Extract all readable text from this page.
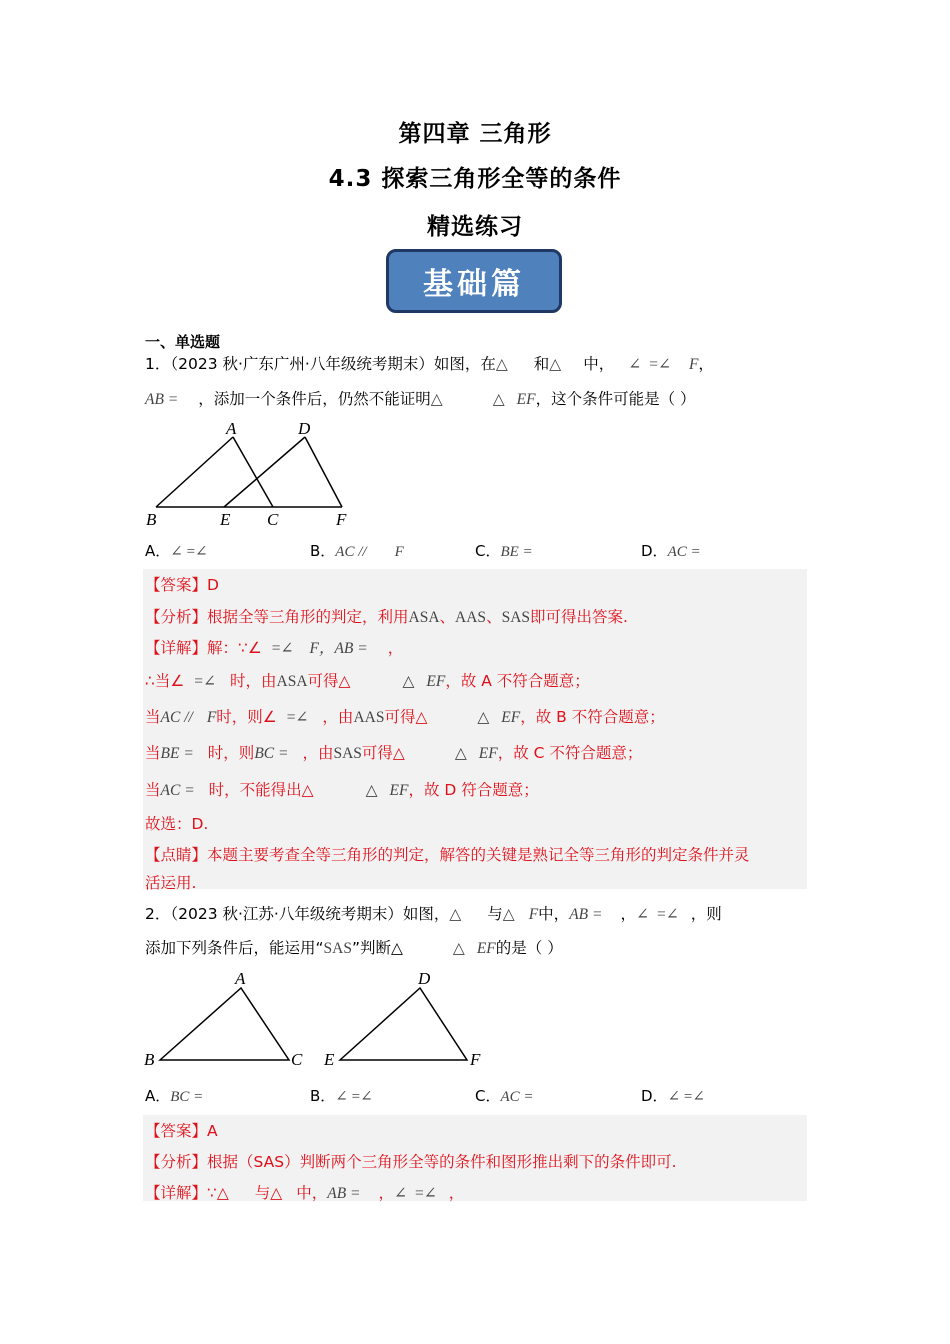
第四章 三角形
4.3 探索三角形全等的条件
精选练习
基础篇
一、单选题
1．（2023 秋·广东广州·八年级统考期末）如图，在△ 和△ 中， ∠ =∠ F，
AB = ，添加一个条件后，仍然不能证明△	△ EF，这个条件可能是（ ）
A	D
B	E C	F
A．∠ =∠	B．AC // F	C．BE =	D．AC =
【答案】D
【分析】根据全等三角形的判定，利用ASA、AAS、SAS即可得出答案.
【详解】解：∵∠ =∠ F，AB = ，
∴当∠ =∠ 时，由ASA可得△	△ EF，故 A 不符合题意；
当AC // F时，则∠ =∠ ，由AAS可得△	△ EF，故 B 不符合题意；
当BE = 时，则BC = ，由SAS可得△	△ EF，故 C 不符合题意；
当AC = 时，不能得出△	△ EF，故 D 符合题意；
故选：D.
【点睛】本题主要考查全等三角形的判定，解答的关键是熟记全等三角形的判定条件并灵
活运用.
2．（2023 秋·江苏·八年级统考期末）如图，△ 与△ F中，AB = ，∠ =∠ ，则
添加下列条件后，能运用“SAS”判断△	△ EF的是（ ）
A
B	C
D
E	F
A．BC =	B．∠ =∠	C．AC =	D．∠ =∠
【答案】A
【分析】根据（SAS）判断两个三角形全等的条件和图形推出剩下的条件即可.
【详解】∵△ 与△ 中，AB = ，∠ =∠ ，
